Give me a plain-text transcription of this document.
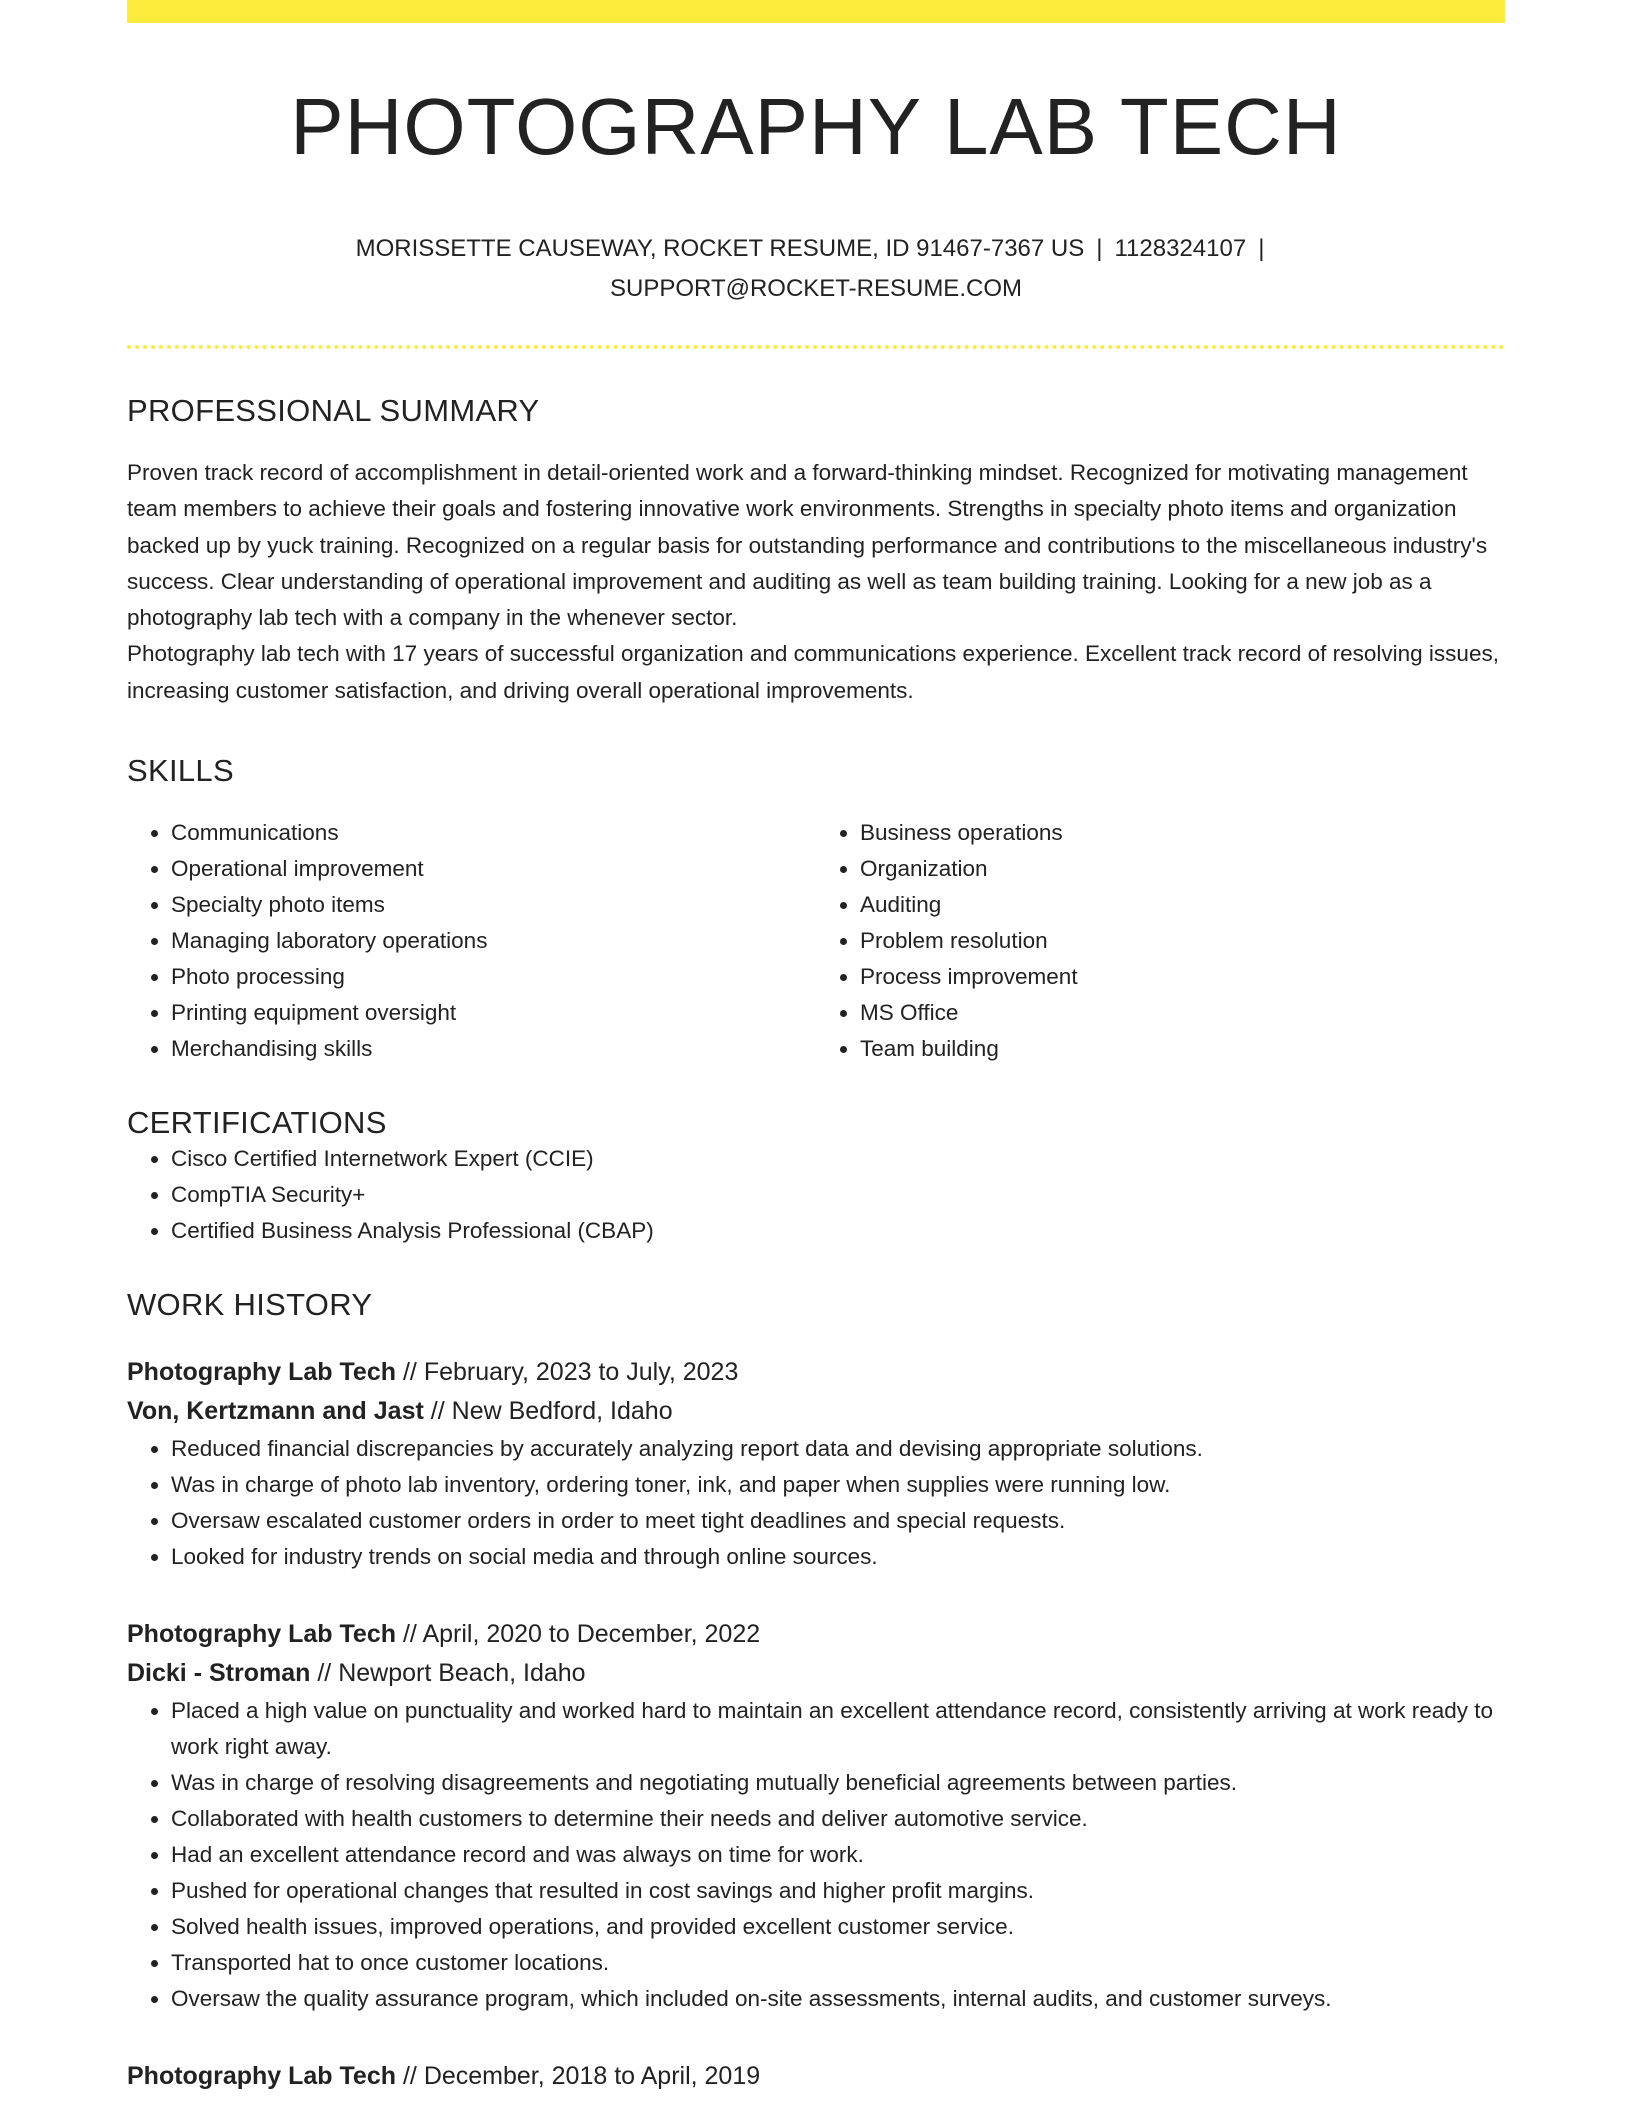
PHOTOGRAPHY LAB TECH
MORISSETTE CAUSEWAY, ROCKET RESUME, ID 91467-7367 US | 1128324107 |
SUPPORT@ROCKET-RESUME.COM
PROFESSIONAL SUMMARY

Proven track record of accomplishment in detail-oriented work and a forward-thinking mindset. Recognized for motivating management team members to achieve their goals and fostering innovative work environments. Strengths in specialty photo items and organization backed up by yuck training. Recognized on a regular basis for outstanding performance and contributions to the miscellaneous industry's success. Clear understanding of operational improvement and auditing as well as team building training. Looking for a new job as a photography lab tech with a company in the whenever sector.

Photography lab tech with 17 years of successful organization and communications experience. Excellent track record of resolving issues, increasing customer satisfaction, and driving overall operational improvements.

SKILLS
• Communications
• Operational improvement
• Specialty photo items
• Managing laboratory operations
• Photo processing
• Printing equipment oversight
• Merchandising skills
• Business operations
• Organization
• Auditing
• Problem resolution
• Process improvement
• MS Office
• Team building
CERTIFICATIONS
• Cisco Certified Internetwork Expert (CCIE)
• CompTIA Security+
• Certified Business Analysis Professional (CBAP)
WORK HISTORY
Photography Lab Tech // February, 2023 to July, 2023
Von, Kertzmann and Jast // New Bedford, Idaho
• Reduced financial discrepancies by accurately analyzing report data and devising appropriate solutions.
• Was in charge of photo lab inventory, ordering toner, ink, and paper when supplies were running low.
• Oversaw escalated customer orders in order to meet tight deadlines and special requests.
• Looked for industry trends on social media and through online sources.
Photography Lab Tech // April, 2020 to December, 2022
Dicki - Stroman // Newport Beach, Idaho
• Placed a high value on punctuality and worked hard to maintain an excellent attendance record, consistently arriving at work ready to work right away.
• Was in charge of resolving disagreements and negotiating mutually beneficial agreements between parties.
• Collaborated with health customers to determine their needs and deliver automotive service.
• Had an excellent attendance record and was always on time for work.
• Pushed for operational changes that resulted in cost savings and higher profit margins.
• Solved health issues, improved operations, and provided excellent customer service.
• Transported hat to once customer locations.
• Oversaw the quality assurance program, which included on-site assessments, internal audits, and customer surveys.
Photography Lab Tech // December, 2018 to April, 2019
